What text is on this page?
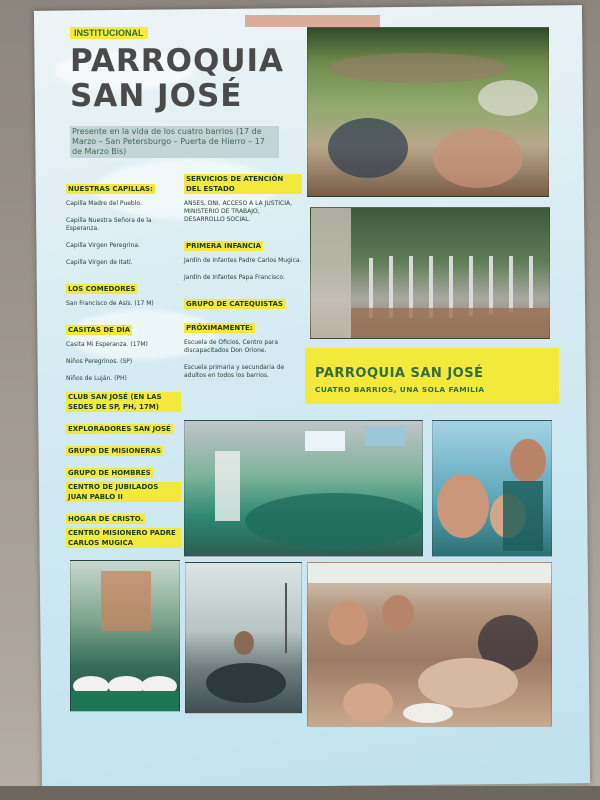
INSTITUCIONAL
PARROQUIA
SAN JOSÉ
Presente en la vida de los cuatro barrios (17 de Marzo – San Petersburgo – Puerta de Hierro – 17 de Marzo Bis)
NUESTRAS CAPILLAS:
Capilla Madre del Pueblo.
Capilla Nuestra Señora de la Esperanza.
Capilla Virgen Peregrina.
Capilla Virgen de Itatí.
LOS COMEDORES
San Francisco de Asís. (17 M)
CASITAS DE DÍA
Casita Mi Esperanza. (17M)
Niños Peregrinos. (SP)
Niños de Luján. (PH)
CLUB SAN JOSÉ (EN LAS SEDES DE SP, PH, 17M)
EXPLORADORES SAN JOSÉ
GRUPO DE MISIONERAS
GRUPO DE HOMBRES
CENTRO DE JUBILADOS JUAN PABLO II
HOGAR DE CRISTO.
CENTRO MISIONERO PADRE CARLOS MUGICA
SERVICIOS DE ATENCIÓN DEL ESTADO
ANSES, DNI, ACCESO A LA JUSTICIA, MINISTERIO DE TRABAJO, DESARROLLO SOCIAL.
PRIMERA INFANCIA
Jardín de Infantes Padre Carlos Mugica.
Jardín de Infantes Papa Francisco.
GRUPO DE CATEQUISTAS
PRÓXIMAMENTE:
Escuela de Oficios, Centro para discapacitados Don Orione.
Escuela primaria y secundaria de adultos en todos los barrios.	PARROQUIA SAN JOSÉ
CUATRO BARRIOS, UNA SOLA FAMILIA
